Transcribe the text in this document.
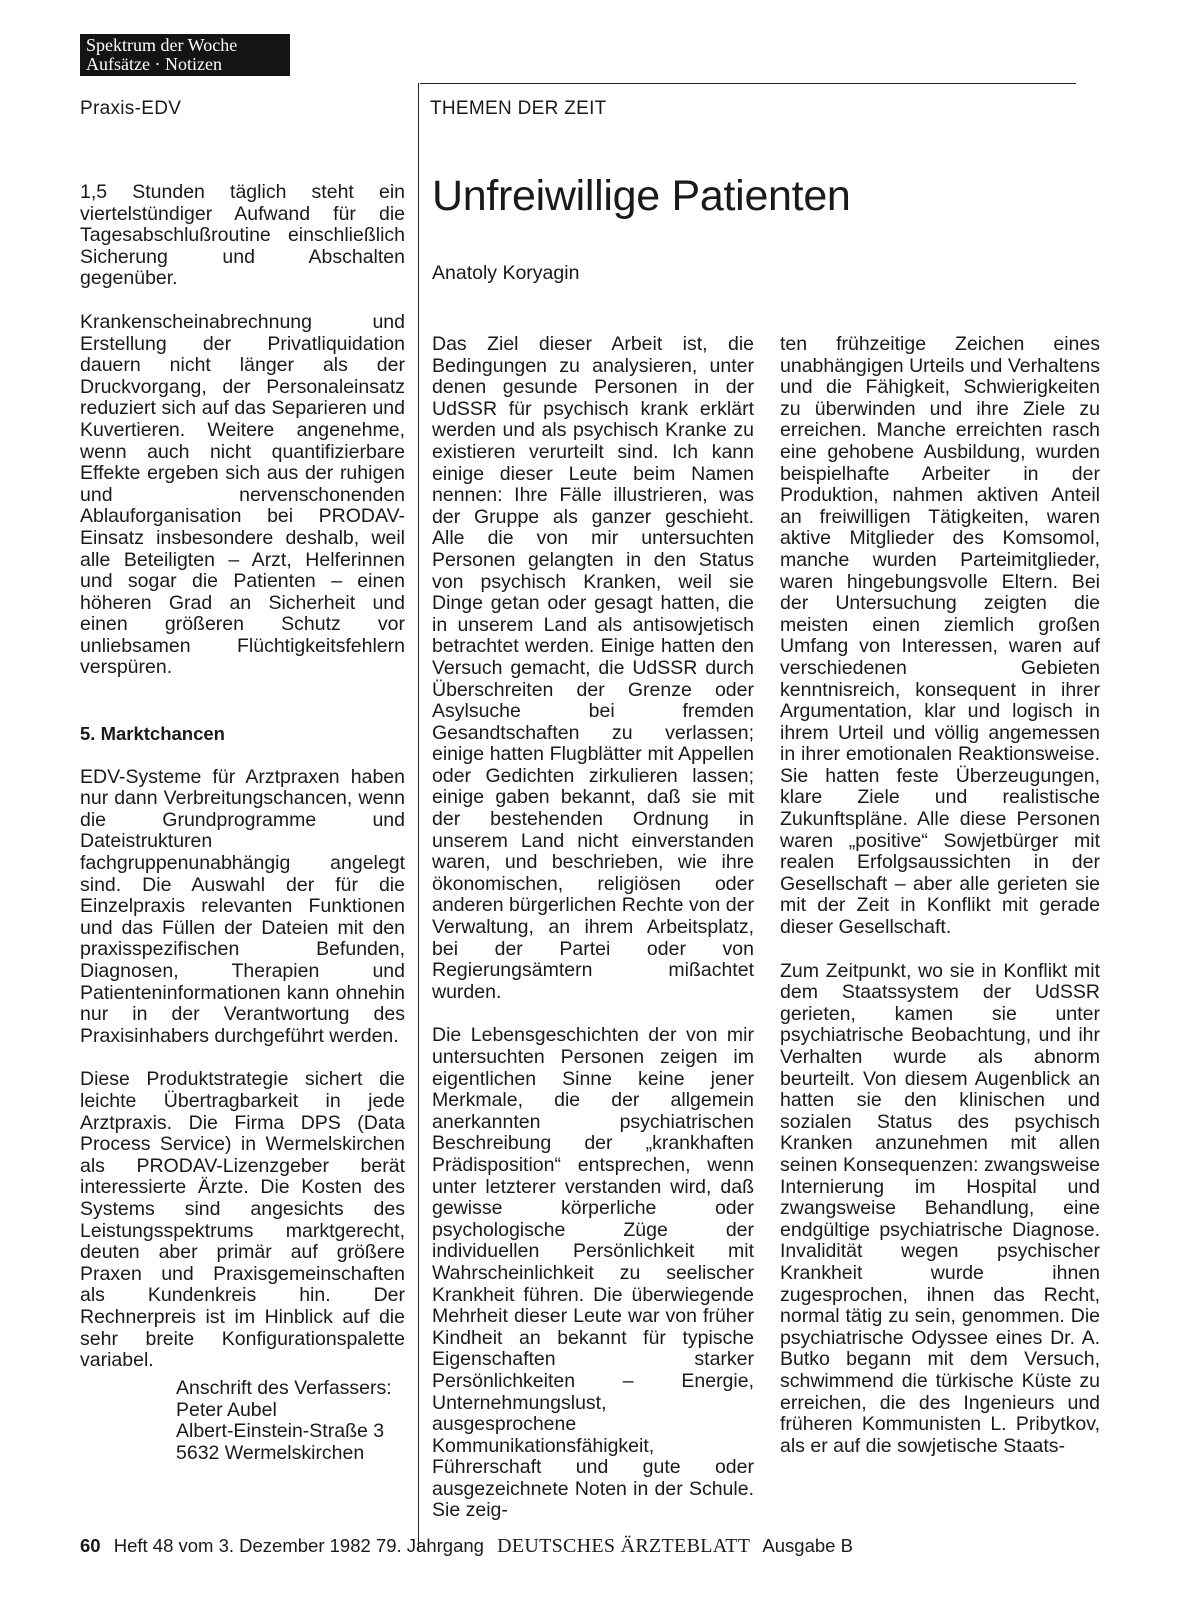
Spektrum der Woche
Aufsätze · Notizen
Praxis-EDV	THEMEN DER ZEIT

1,5 Stunden täglich steht ein viertelstündiger Aufwand für die Tagesabschlußroutine einschließlich Sicherung und Abschalten gegenüber.

Krankenscheinabrechnung und Erstellung der Privatliquidation dauern nicht länger als der Druckvorgang, der Personaleinsatz reduziert sich auf das Separieren und Kuvertieren. Weitere angenehme, wenn auch nicht quantifizierbare Effekte ergeben sich aus der ruhigen und nervenschonenden Ablauforganisation bei PRODAV-Einsatz insbesondere deshalb, weil alle Beteiligten – Arzt, Helferinnen und sogar die Patienten – einen höheren Grad an Sicherheit und einen größeren Schutz vor unliebsamen Flüchtigkeitsfehlern verspüren.

5. Marktchancen

EDV-Systeme für Arztpraxen haben nur dann Verbreitungschancen, wenn die Grundprogramme und Dateistrukturen fachgruppenunabhängig angelegt sind. Die Auswahl der für die Einzelpraxis relevanten Funktionen und das Füllen der Dateien mit den praxisspezifischen Befunden, Diagnosen, Therapien und Patienteninformationen kann ohnehin nur in der Verantwortung des Praxisinhabers durchgeführt werden.

Diese Produktstrategie sichert die leichte Übertragbarkeit in jede Arztpraxis. Die Firma DPS (Data Process Service) in Wermelskirchen als PRODAV-Lizenzgeber berät interessierte Ärzte. Die Kosten des Systems sind angesichts des Leistungsspektrums marktgerecht, deuten aber primär auf größere Praxen und Praxisgemeinschaften als Kundenkreis hin. Der Rechnerpreis ist im Hinblick auf die sehr breite Konfigurationspalette variabel.

Anschrift des Verfassers:
Peter Aubel
Albert-Einstein-Straße 3
5632 Wermelskirchen
Unfreiwillige Patienten
Anatoly Koryagin

Das Ziel dieser Arbeit ist, die Bedingungen zu analysieren, unter denen gesunde Personen in der UdSSR für psychisch krank erklärt werden und als psychisch Kranke zu existieren verurteilt sind. Ich kann einige dieser Leute beim Namen nennen: Ihre Fälle illustrieren, was der Gruppe als ganzer geschieht. Alle die von mir untersuchten Personen gelangten in den Status von psychisch Kranken, weil sie Dinge getan oder gesagt hatten, die in unserem Land als antisowjetisch betrachtet werden. Einige hatten den Versuch gemacht, die UdSSR durch Überschreiten der Grenze oder Asylsuche bei fremden Gesandtschaften zu verlassen; einige hatten Flugblätter mit Appellen oder Gedichten zirkulieren lassen; einige gaben bekannt, daß sie mit der bestehenden Ordnung in unserem Land nicht einverstanden waren, und beschrieben, wie ihre ökonomischen, religiösen oder anderen bürgerlichen Rechte von der Verwaltung, an ihrem Arbeitsplatz, bei der Partei oder von Regierungsämtern mißachtet wurden.

Die Lebensgeschichten der von mir untersuchten Personen zeigen im eigentlichen Sinne keine jener Merkmale, die der allgemein anerkannten psychiatrischen Beschreibung der „krankhaften Prädisposition“ entsprechen, wenn unter letzterer verstanden wird, daß gewisse körperliche oder psychologische Züge der individuellen Persönlichkeit mit Wahrscheinlichkeit zu seelischer Krankheit führen. Die überwiegende Mehrheit dieser Leute war von früher Kindheit an bekannt für typische Eigenschaften starker Persönlichkeiten – Energie, Unternehmungslust, ausgesprochene Kommunikationsfähigkeit, Führerschaft und gute oder ausgezeichnete Noten in der Schule. Sie zeig-

ten frühzeitige Zeichen eines unabhängigen Urteils und Verhaltens und die Fähigkeit, Schwierigkeiten zu überwinden und ihre Ziele zu erreichen. Manche erreichten rasch eine gehobene Ausbildung, wurden beispielhafte Arbeiter in der Produktion, nahmen aktiven Anteil an freiwilligen Tätigkeiten, waren aktive Mitglieder des Komsomol, manche wurden Parteimitglieder, waren hingebungsvolle Eltern. Bei der Untersuchung zeigten die meisten einen ziemlich großen Umfang von Interessen, waren auf verschiedenen Gebieten kenntnisreich, konsequent in ihrer Argumentation, klar und logisch in ihrem Urteil und völlig angemessen in ihrer emotionalen Reaktionsweise. Sie hatten feste Überzeugungen, klare Ziele und realistische Zukunftspläne. Alle diese Personen waren „positive“ Sowjetbürger mit realen Erfolgsaussichten in der Gesellschaft – aber alle gerieten sie mit der Zeit in Konflikt mit gerade dieser Gesellschaft.

Zum Zeitpunkt, wo sie in Konflikt mit dem Staatssystem der UdSSR gerieten, kamen sie unter psychiatrische Beobachtung, und ihr Verhalten wurde als abnorm beurteilt. Von diesem Augenblick an hatten sie den klinischen und sozialen Status des psychisch Kranken anzunehmen mit allen seinen Konsequenzen: zwangsweise Internierung im Hospital und zwangsweise Behandlung, eine endgültige psychiatrische Diagnose. Invalidität wegen psychischer Krankheit wurde ihnen zugesprochen, ihnen das Recht, normal tätig zu sein, genommen. Die psychiatrische Odyssee eines Dr. A. Butko begann mit dem Versuch, schwimmend die türkische Küste zu erreichen, die des Ingenieurs und früheren Kommunisten L. Pribytkov, als er auf die sowjetische Staats-

60 Heft 48 vom 3. Dezember 1982 79. Jahrgang DEUTSCHES ÄRZTEBLATT Ausgabe B
